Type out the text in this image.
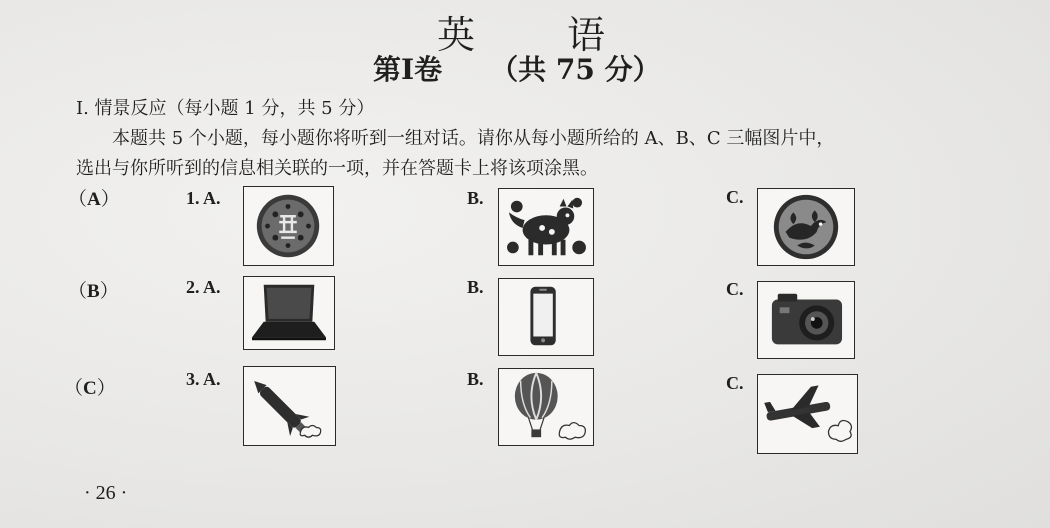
英 语
第Ⅰ卷 （共 75 分）
Ⅰ. 情景反应（每小题 1 分，共 5 分）
本题共 5 个小题，每小题你将听到一组对话。请你从每小题所给的 A、B、C 三幅图片中，
选出与你所听到的信息相关联的一项，并在答题卡上将该项涂黑。
（A）	1. A.	B.	C.
（B）	2. A.	B.	C.
（C）	3. A.	B.	C.
· 26 ·
